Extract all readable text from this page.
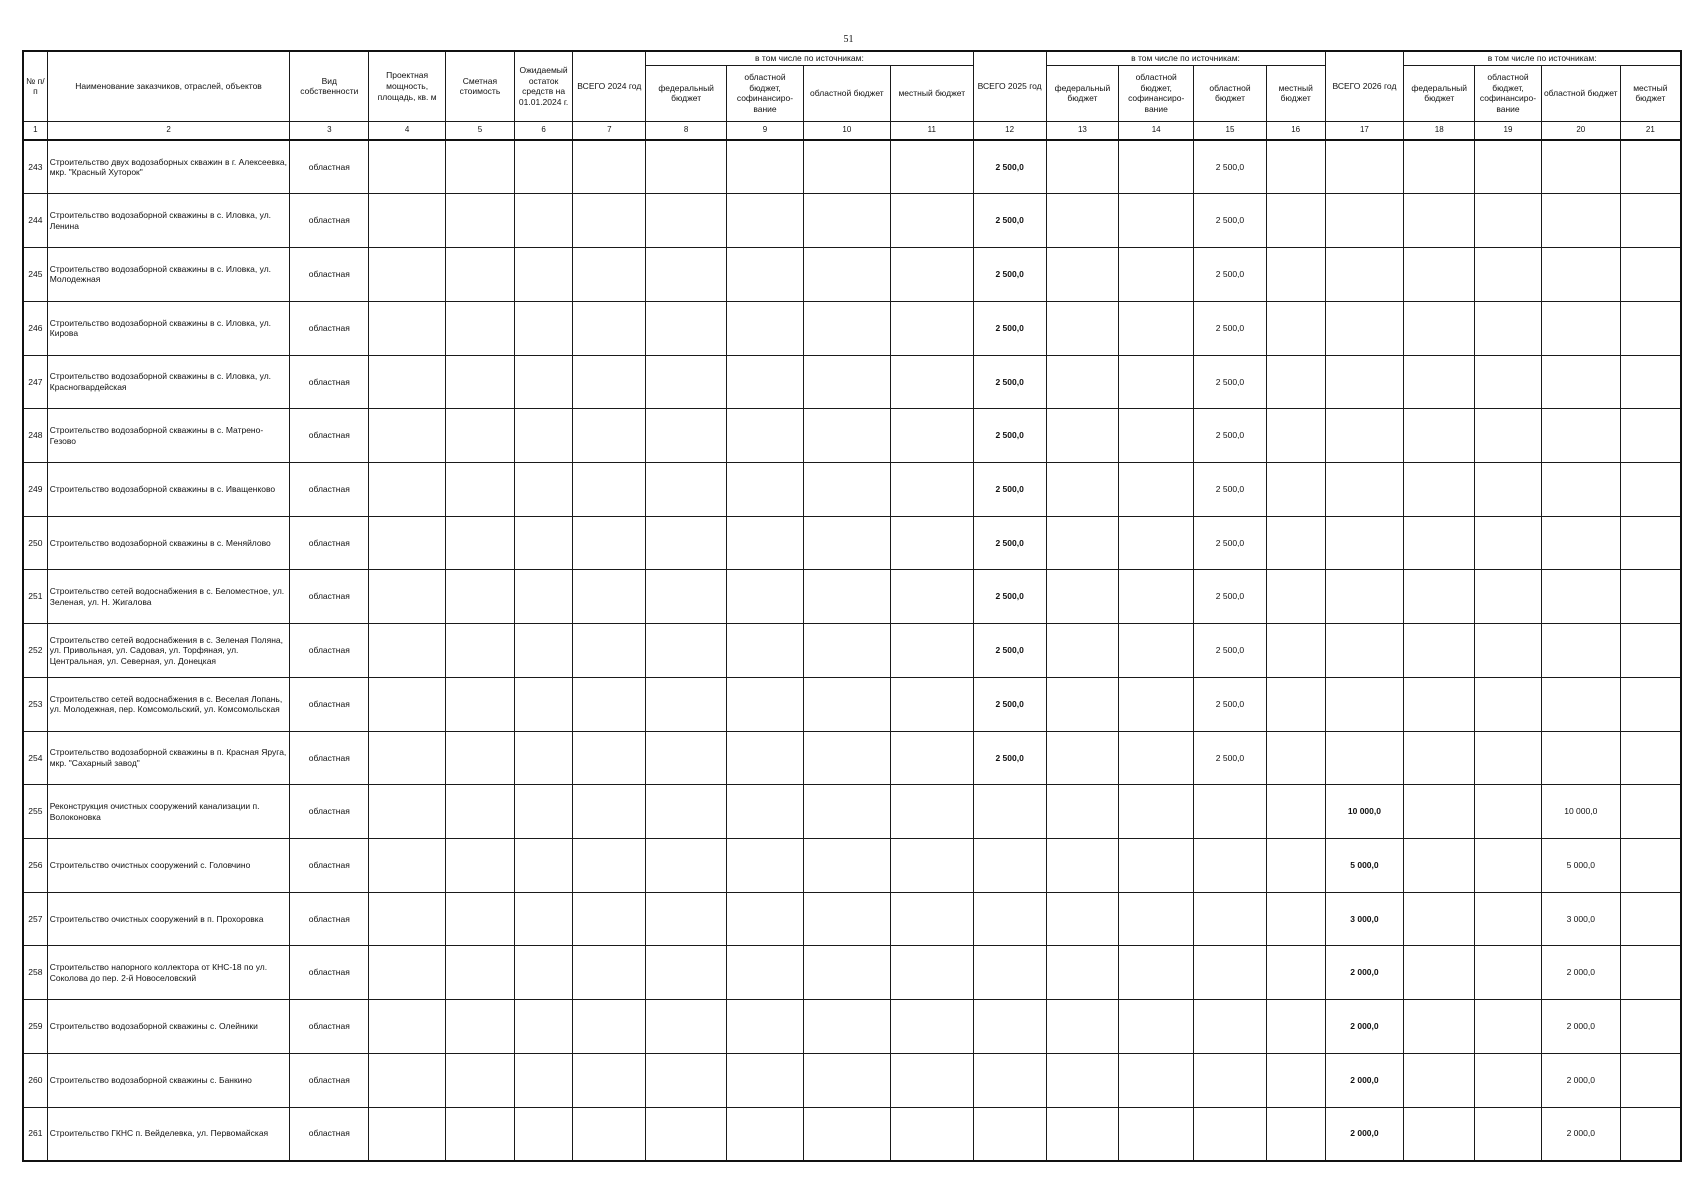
51
№ п/п	Наименование заказчиков, отраслей, объектов	Вид собственности	Проектная мощность, площадь, кв. м	Сметная стоимость	Ожидаемый остаток средств на 01.01.2024 г.	ВСЕГО 2024 год	в том числе по источникам:				ВСЕГО 2025 год	в том числе по источникам:				ВСЕГО 2026 год	в том числе по источникам:			
							федеральный бюджет	областной бюджет, софинансиро-вание	областной бюджет	местный бюджет		федеральный бюджет	областной бюджет, софинансиро-вание	областной бюджет	местный бюджет		федеральный бюджет	областной бюджет, софинансиро-вание	областной бюджет	местный бюджет
1	2	3	4	5	6	7	8	9	10	11	12	13	14	15	16	17	18	19	20	21
243	Строительство двух водозаборных скважин в г. Алексеевка, мкр. "Красный Хуторок"	областная									2 500,0			2 500,0						
244	Строительство водозаборной скважины в с. Иловка, ул. Ленина	областная									2 500,0			2 500,0						
245	Строительство водозаборной скважины в с. Иловка, ул. Молодежная	областная									2 500,0			2 500,0						
246	Строительство водозаборной скважины в с. Иловка, ул. Кирова	областная									2 500,0			2 500,0						
247	Строительство водозаборной скважины в с. Иловка, ул. Красногвардейская	областная									2 500,0			2 500,0						
248	Строительство водозаборной скважины в с. Матрено-Гезово	областная									2 500,0			2 500,0						
249	Строительство водозаборной скважины в с. Иващенково	областная									2 500,0			2 500,0						
250	Строительство водозаборной скважины в с. Меняйлово	областная									2 500,0			2 500,0						
251	Строительство сетей водоснабжения в с. Беломестное, ул. Зеленая, ул. Н. Жигалова	областная									2 500,0			2 500,0						
252	Строительство сетей водоснабжения в с. Зеленая Поляна, ул. Привольная, ул. Садовая, ул. Торфяная, ул. Центральная, ул. Северная, ул. Донецкая	областная									2 500,0			2 500,0						
253	Строительство сетей водоснабжения в с. Веселая Лопань, ул. Молодежная, пер. Комсомольский, ул. Комсомольская	областная									2 500,0			2 500,0						
254	Строительство водозаборной скважины в п. Красная Яруга, мкр. "Сахарный завод"	областная									2 500,0			2 500,0						
255	Реконструкция очистных сооружений канализации п. Волоконовка	областная														10 000,0			10 000,0	
256	Строительство очистных сооружений с. Головчино	областная														5 000,0			5 000,0	
257	Строительство очистных сооружений в п. Прохоровка	областная														3 000,0			3 000,0	
258	Строительство напорного коллектора от КНС-18 по ул. Соколова до пер. 2-й Новоселовский	областная														2 000,0			2 000,0	
259	Строительство водозаборной скважины с. Олейники	областная														2 000,0			2 000,0	
260	Строительство водозаборной скважины с. Банкино	областная														2 000,0			2 000,0	
261	Строительство ГКНС п. Вейделевка, ул. Первомайская	областная														2 000,0			2 000,0	
